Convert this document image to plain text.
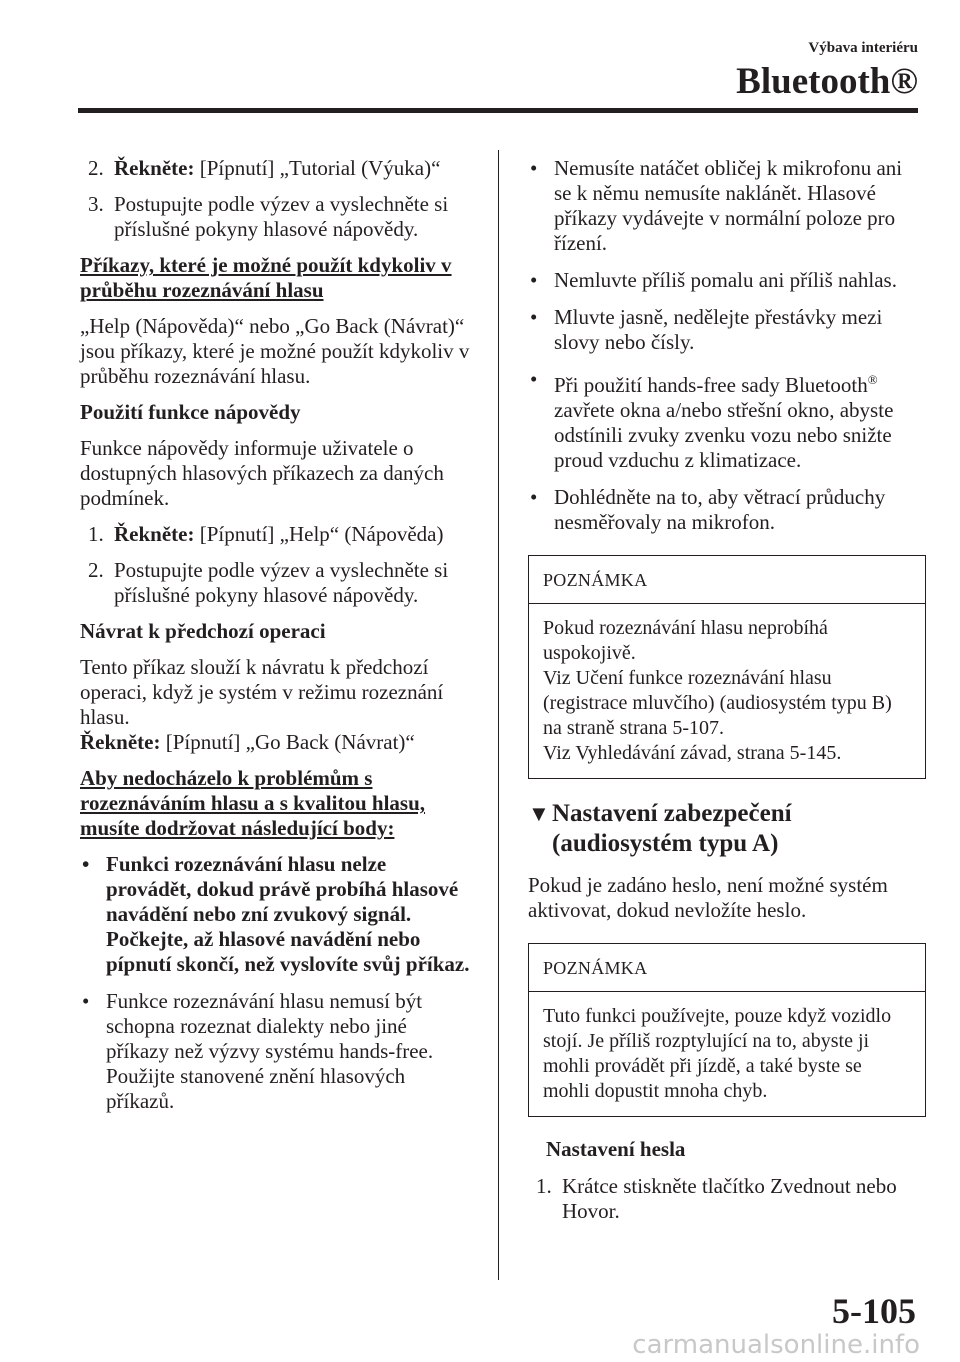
Výbava interiéru
Bluetooth®

2. Řekněte: [Pípnutí] „Tutorial (Výuka)“

3. Postupujte podle výzev a vyslechněte si příslušné pokyny hlasové nápovědy.

Příkazy, které je možné použít kdykoliv v průběhu rozeznávání hlasu

„Help (Nápověda)“ nebo „Go Back (Návrat)“ jsou příkazy, které je možné použít kdykoliv v průběhu rozeznávání hlasu.

Použití funkce nápovědy

Funkce nápovědy informuje uživatele o dostupných hlasových příkazech za daných podmínek.

1. Řekněte: [Pípnutí] „Help“ (Nápověda)

2. Postupujte podle výzev a vyslechněte si příslušné pokyny hlasové nápovědy.

Návrat k předchozí operaci

Tento příkaz slouží k návratu k předchozí operaci, když je systém v režimu rozeznání hlasu.

Řekněte: [Pípnutí] „Go Back (Návrat)“

Aby nedocházelo k problémům s rozeznáváním hlasu a s kvalitou hlasu, musíte dodržovat následující body:

• Funkci rozeznávání hlasu nelze provádět, dokud právě probíhá hlasové navádění nebo zní zvukový signál. Počkejte, až hlasové navádění nebo pípnutí skončí, než vyslovíte svůj příkaz.
• Funkce rozeznávání hlasu nemusí být schopna rozeznat dialekty nebo jiné příkazy než výzvy systému hands-free. Použijte stanovené znění hlasových příkazů.
• Nemusíte natáčet obličej k mikrofonu ani se k němu nemusíte naklánět. Hlasové příkazy vydávejte v normální poloze pro řízení.
• Nemluvte příliš pomalu ani příliš nahlas.
• Mluvte jasně, nedělejte přestávky mezi slovy nebo čísly.
• Při použití hands-free sady Bluetooth® zavřete okna a/nebo střešní okno, abyste odstínili zvuky zvenku vozu nebo snižte proud vzduchu z klimatizace.
• Dohlédněte na to, aby větrací průduchy nesměřovaly na mikrofon.
POZNÁMKA
Pokud rozeznávání hlasu neprobíhá uspokojivě.
Viz Učení funkce rozeznávání hlasu (registrace mluvčího) (audiosystém typu B) na straně strana 5-107.
Viz Vyhledávání závad, strana 5-145.
▼ Nastavení zabezpečení (audiosystém typu A)

Pokud je zadáno heslo, není možné systém aktivovat, dokud nevložíte heslo.

POZNÁMKA
Tuto funkci používejte, pouze když vozidlo stojí. Je příliš rozptylující na to, abyste ji mohli provádět při jízdě, a také byste se mohli dopustit mnoha chyb.

Nastavení hesla

1. Krátce stiskněte tlačítko Zvednout nebo Hovor.

5-105
carmanualsonline.info
